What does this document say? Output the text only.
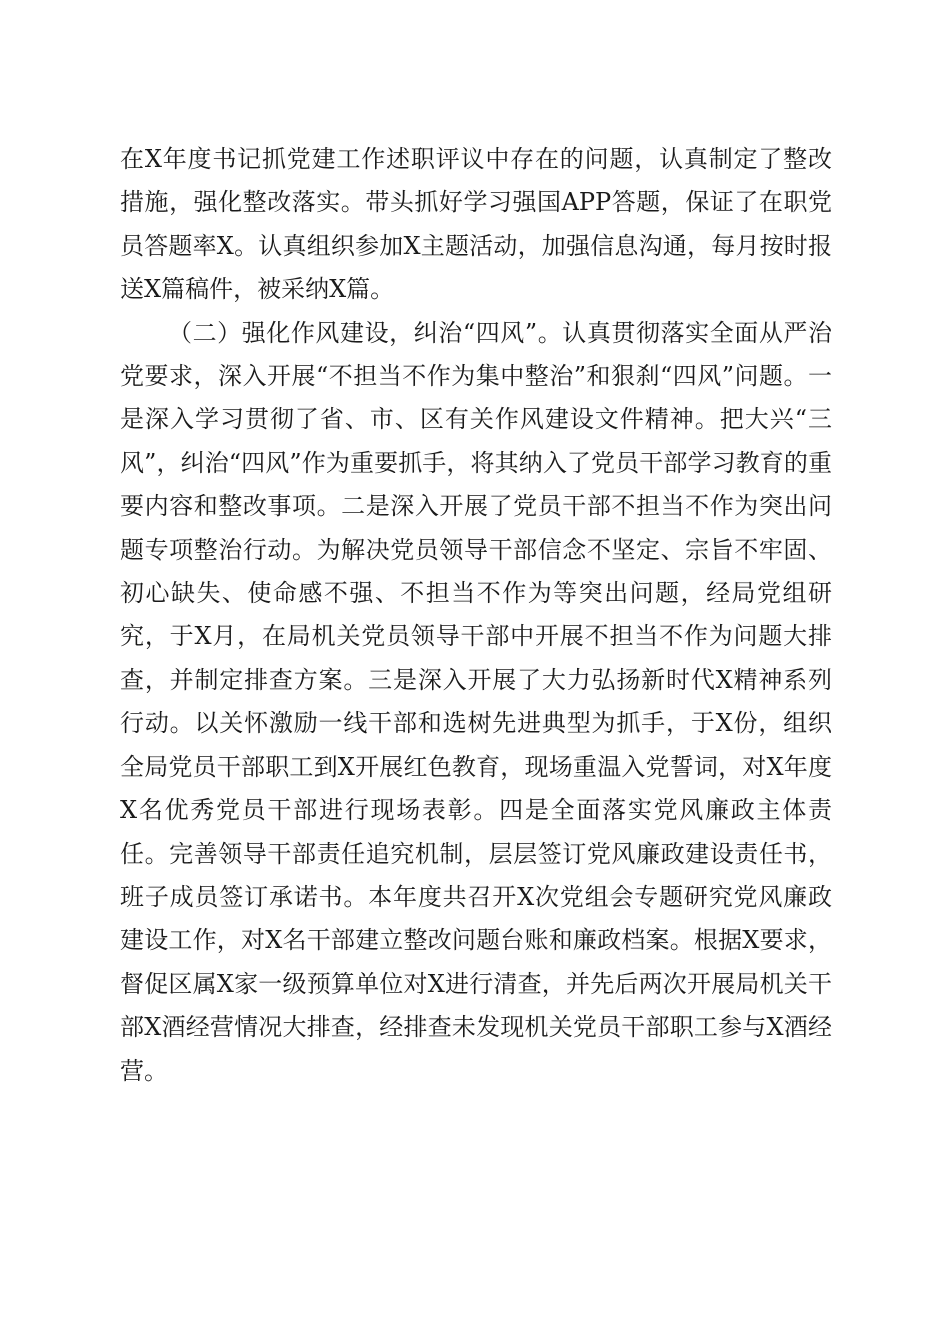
在X年度书记抓党建工作述职评议中存在的问题，认真制定了整改措施，强化整改落实。带头抓好学习强国APP答题，保证了在职党员答题率X。认真组织参加X主题活动，加强信息沟通，每月按时报送X篇稿件，被采纳X篇。

（二）强化作风建设，纠治“四风”。认真贯彻落实全面从严治党要求，深入开展“不担当不作为集中整治”和狠刹“四风”问题。一是深入学习贯彻了省、市、区有关作风建设文件精神。把大兴“三风”，纠治“四风”作为重要抓手，将其纳入了党员干部学习教育的重要内容和整改事项。二是深入开展了党员干部不担当不作为突出问题专项整治行动。为解决党员领导干部信念不坚定、宗旨不牢固、初心缺失、使命感不强、不担当不作为等突出问题，经局党组研究，于X月，在局机关党员领导干部中开展不担当不作为问题大排查，并制定排查方案。三是深入开展了大力弘扬新时代X精神系列行动。以关怀激励一线干部和选树先进典型为抓手，于X份，组织全局党员干部职工到X开展红色教育，现场重温入党誓词，对X年度X名优秀党员干部进行现场表彰。四是全面落实党风廉政主体责任。完善领导干部责任追究机制，层层签订党风廉政建设责任书，班子成员签订承诺书。本年度共召开X次党组会专题研究党风廉政建设工作，对X名干部建立整改问题台账和廉政档案。根据X要求，督促区属X家一级预算单位对X进行清查，并先后两次开展局机关干部X酒经营情况大排查，经排查未发现机关党员干部职工参与X酒经营。
